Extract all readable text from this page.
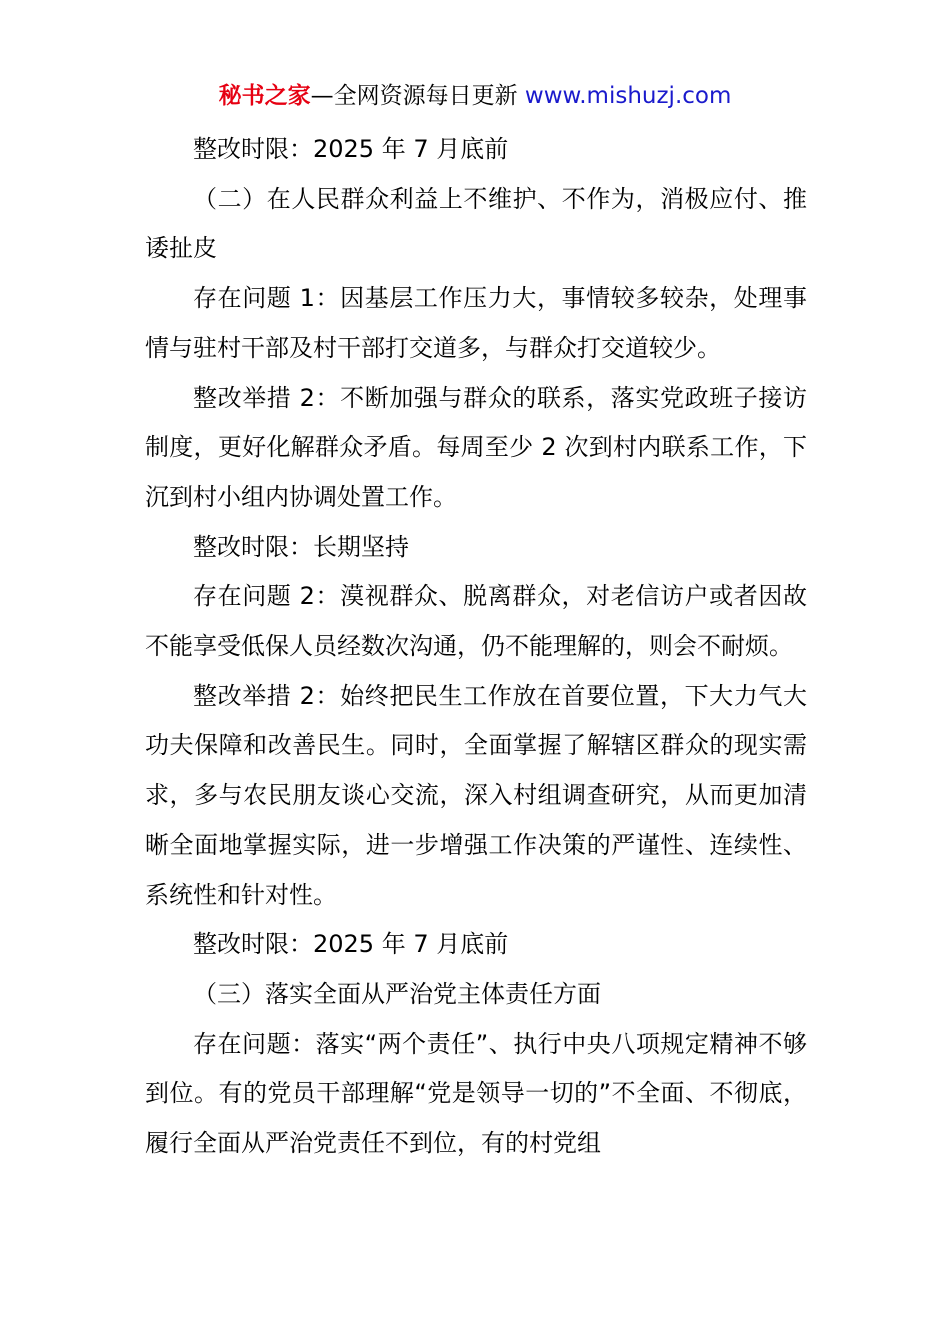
秘书之家—全网资源每日更新 www.mishuzj.com

整改时限：2025 年 7 月底前

（二）在人民群众利益上不维护、不作为，消极应付、推诿扯皮

存在问题 1：因基层工作压力大，事情较多较杂，处理事情与驻村干部及村干部打交道多，与群众打交道较少。

整改举措 2：不断加强与群众的联系，落实党政班子接访制度，更好化解群众矛盾。每周至少 2 次到村内联系工作，下沉到村小组内协调处置工作。

整改时限：长期坚持

存在问题 2：漠视群众、脱离群众，对老信访户或者因故不能享受低保人员经数次沟通，仍不能理解的，则会不耐烦。

整改举措 2：始终把民生工作放在首要位置，下大力气大功夫保障和改善民生。同时，全面掌握了解辖区群众的现实需求，多与农民朋友谈心交流，深入村组调查研究，从而更加清晰全面地掌握实际，进一步增强工作决策的严谨性、连续性、系统性和针对性。

整改时限：2025 年 7 月底前

（三）落实全面从严治党主体责任方面

存在问题：落实“两个责任”、执行中央八项规定精神不够到位。有的党员干部理解“党是领导一切的”不全面、不彻底，履行全面从严治党责任不到位，有的村党组
